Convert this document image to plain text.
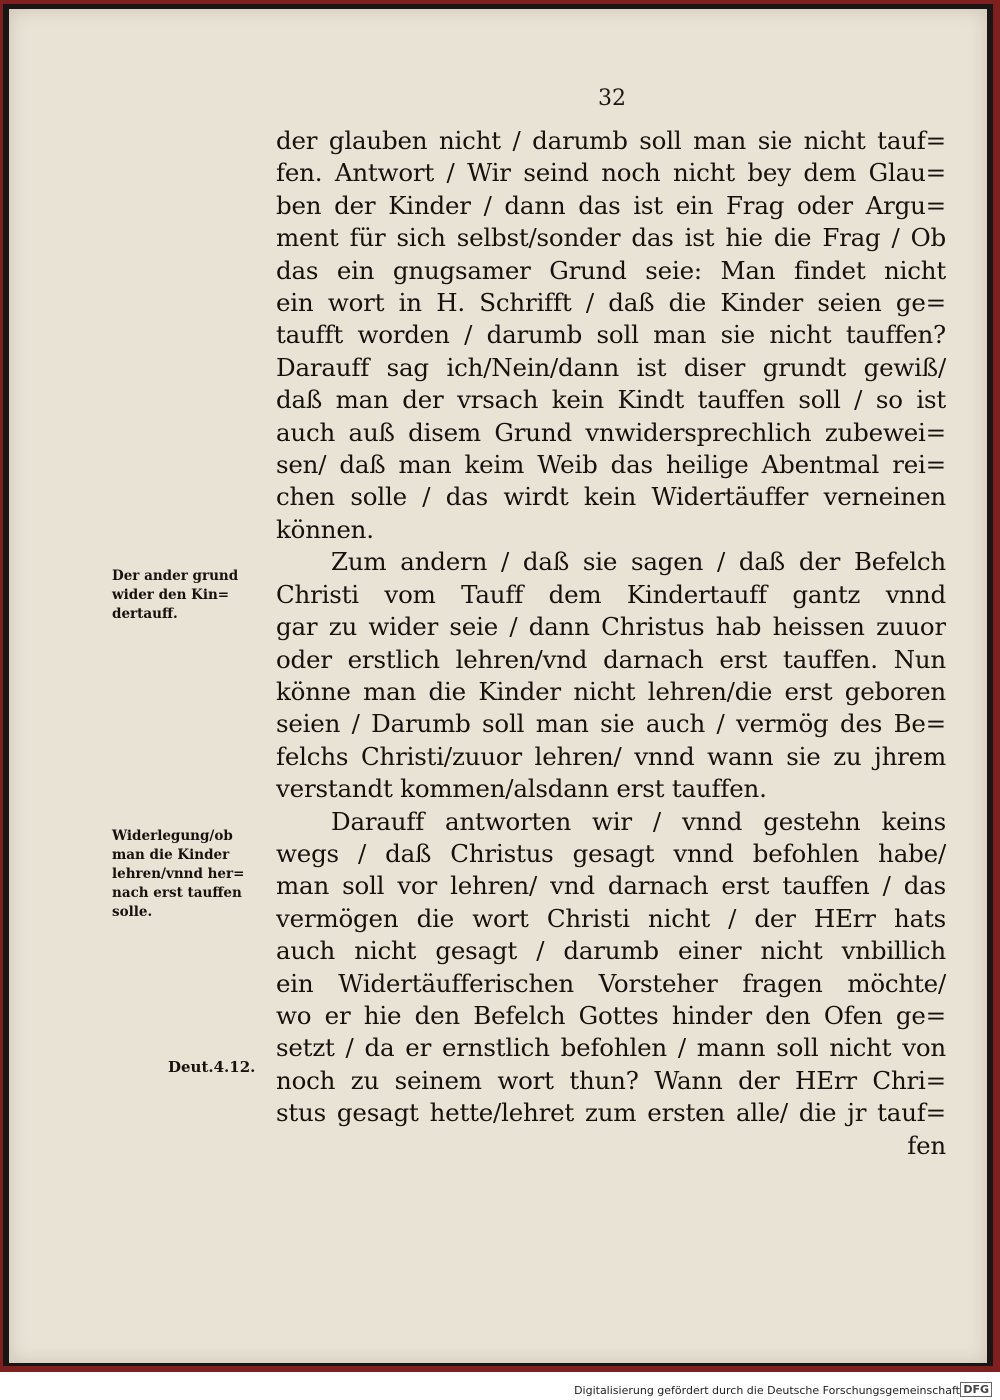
32
der glauben nicht / darumb soll man sie nicht tauf=
fen. Antwort / Wir seind noch nicht bey dem Glau=
ben der Kinder / dann das ist ein Frag oder Argu=
ment für sich selbst/sonder das ist hie die Frag / Ob
das ein gnugsamer Grund seie: Man findet nicht
ein wort in H. Schrifft / daß die Kinder seien ge=
taufft worden / darumb soll man sie nicht tauffen?
Darauff sag ich/Nein/dann ist diser grundt gewiß/
daß man der vrsach kein Kindt tauffen soll / so ist
auch auß disem Grund vnwidersprechlich zubewei=
sen/ daß man keim Weib das heilige Abentmal rei=
chen solle / das wirdt kein Widertäuffer verneinen
können.
Zum andern / daß sie sagen / daß der Befelch
Christi vom Tauff dem Kindertauff gantz vnnd
gar zu wider seie / dann Christus hab heissen zuuor
oder erstlich lehren/vnd darnach erst tauffen. Nun
könne man die Kinder nicht lehren/die erst geboren
seien / Darumb soll man sie auch / vermög des Be=
felchs Christi/zuuor lehren/ vnnd wann sie zu jhrem
verstandt kommen/alsdann erst tauffen.
Darauff antworten wir / vnnd gestehn keins
wegs / daß Christus gesagt vnnd befohlen habe/
man soll vor lehren/ vnd darnach erst tauffen / das
vermögen die wort Christi nicht / der HErr hats
auch nicht gesagt / darumb einer nicht vnbillich
ein Widertäufferischen Vorsteher fragen möchte/
wo er hie den Befelch Gottes hinder den Ofen ge=
setzt / da er ernstlich befohlen / mann soll nicht von
noch zu seinem wort thun? Wann der HErr Chri=
stus gesagt hette/lehret zum ersten alle/ die jr tauf=
fen
Der ander grund
wider den Kin=
dertauff.
Widerlegung/ob
man die Kinder
lehren/vnnd her=
nach erst tauffen
solle.
Deut.4.12.
Digitalisierung gefördert durch die Deutsche Forschungsgemeinschaft DFG
